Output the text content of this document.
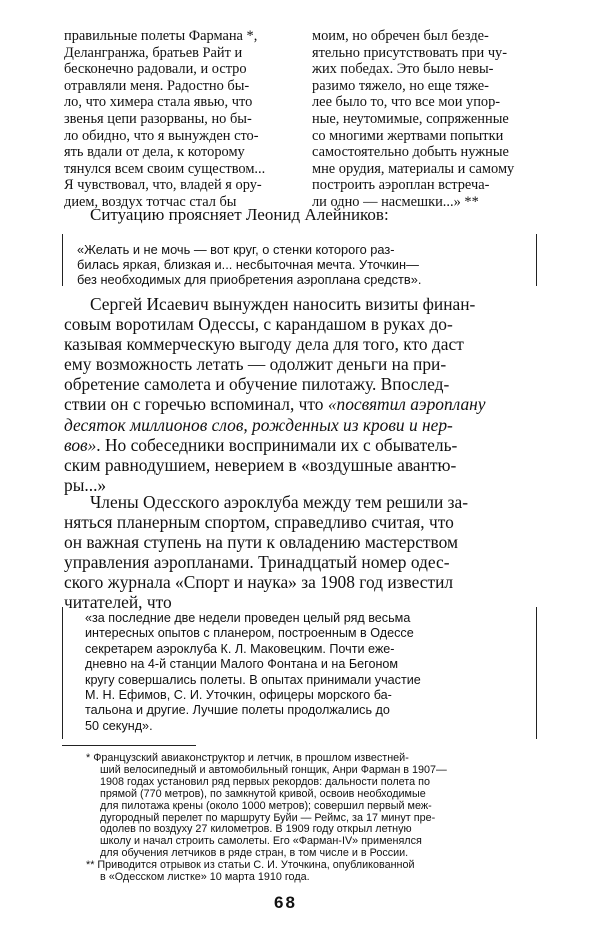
правильные полеты Фармана *,
Делангранжа, братьев Райт и
бесконечно радовали, и остро
отравляли меня. Радостно бы-
ло, что химера стала явью, что
звенья цепи разорваны, но бы-
ло обидно, что я вынужден сто-
ять вдали от дела, к которому
тянулся всем своим существом...
Я чувствовал, что, владей я ору-
дием, воздух тотчас стал бы
моим, но обречен был безде-
ятельно присутствовать при чу-
жих победах. Это было невы-
разимо тяжело, но еще тяже-
лее было то, что все мои упор-
ные, неутомимые, сопряженные
со многими жертвами попытки
самостоятельно добыть нужные
мне орудия, материалы и самому
построить аэроплан встреча-
ли одно — насмешки...» **
Ситуацию проясняет Леонид Алейников:
«Желать и не мочь — вот круг, о стенки которого раз-
билась яркая, близкая и... несбыточная мечта. Уточкин—
без необходимых для приобретения аэроплана средств».
Сергей Исаевич вынужден наносить визиты финан-
совым воротилам Одессы, с карандашом в руках до-
казывая коммерческую выгоду дела для того, кто даст
ему возможность летать — одолжит деньги на при-
обретение самолета и обучение пилотажу. Впослед-
ствии он с горечью вспоминал, что «посвятил аэроплану
десяток миллионов слов, рожденных из крови и нер-
вов». Но собеседники воспринимали их с обыватель-
ским равнодушием, неверием в «воздушные авантю-
ры...»
Члены Одесского аэроклуба между тем решили за-
няться планерным спортом, справедливо считая, что
он важная ступень на пути к овладению мастерством
управления аэропланами. Тринадцатый номер одес-
ского журнала «Спорт и наука» за 1908 год известил
читателей, что
«за последние две недели проведен целый ряд весьма
интересных опытов с планером, построенным в Одессе
секретарем аэроклуба К. Л. Маковецким. Почти еже-
дневно на 4-й станции Малого Фонтана и на Бегоном
кругу совершались полеты. В опытах принимали участие
М. Н. Ефимов, С. И. Уточкин, офицеры морского ба-
тальона и другие. Лучшие полеты продолжались до
50 секунд».
* Французский авиаконструктор и летчик, в прошлом известней-
ший велосипедный и автомобильный гонщик, Анри Фарман в 1907—
1908 годах установил ряд первых рекордов: дальности полета по
прямой (770 метров), по замкнутой кривой, освоив необходимые
для пилотажа крены (около 1000 метров); совершил первый меж-
дугородный перелет по маршруту Буйи — Реймс, за 17 минут пре-
одолев по воздуху 27 километров. В 1909 году открыл летную
школу и начал строить самолеты. Его «Фарман-IV» применялся
для обучения летчиков в ряде стран, в том числе и в России.
** Приводится отрывок из статьи С. И. Уточкина, опубликованной
в «Одесском листке» 10 марта 1910 года.
68
